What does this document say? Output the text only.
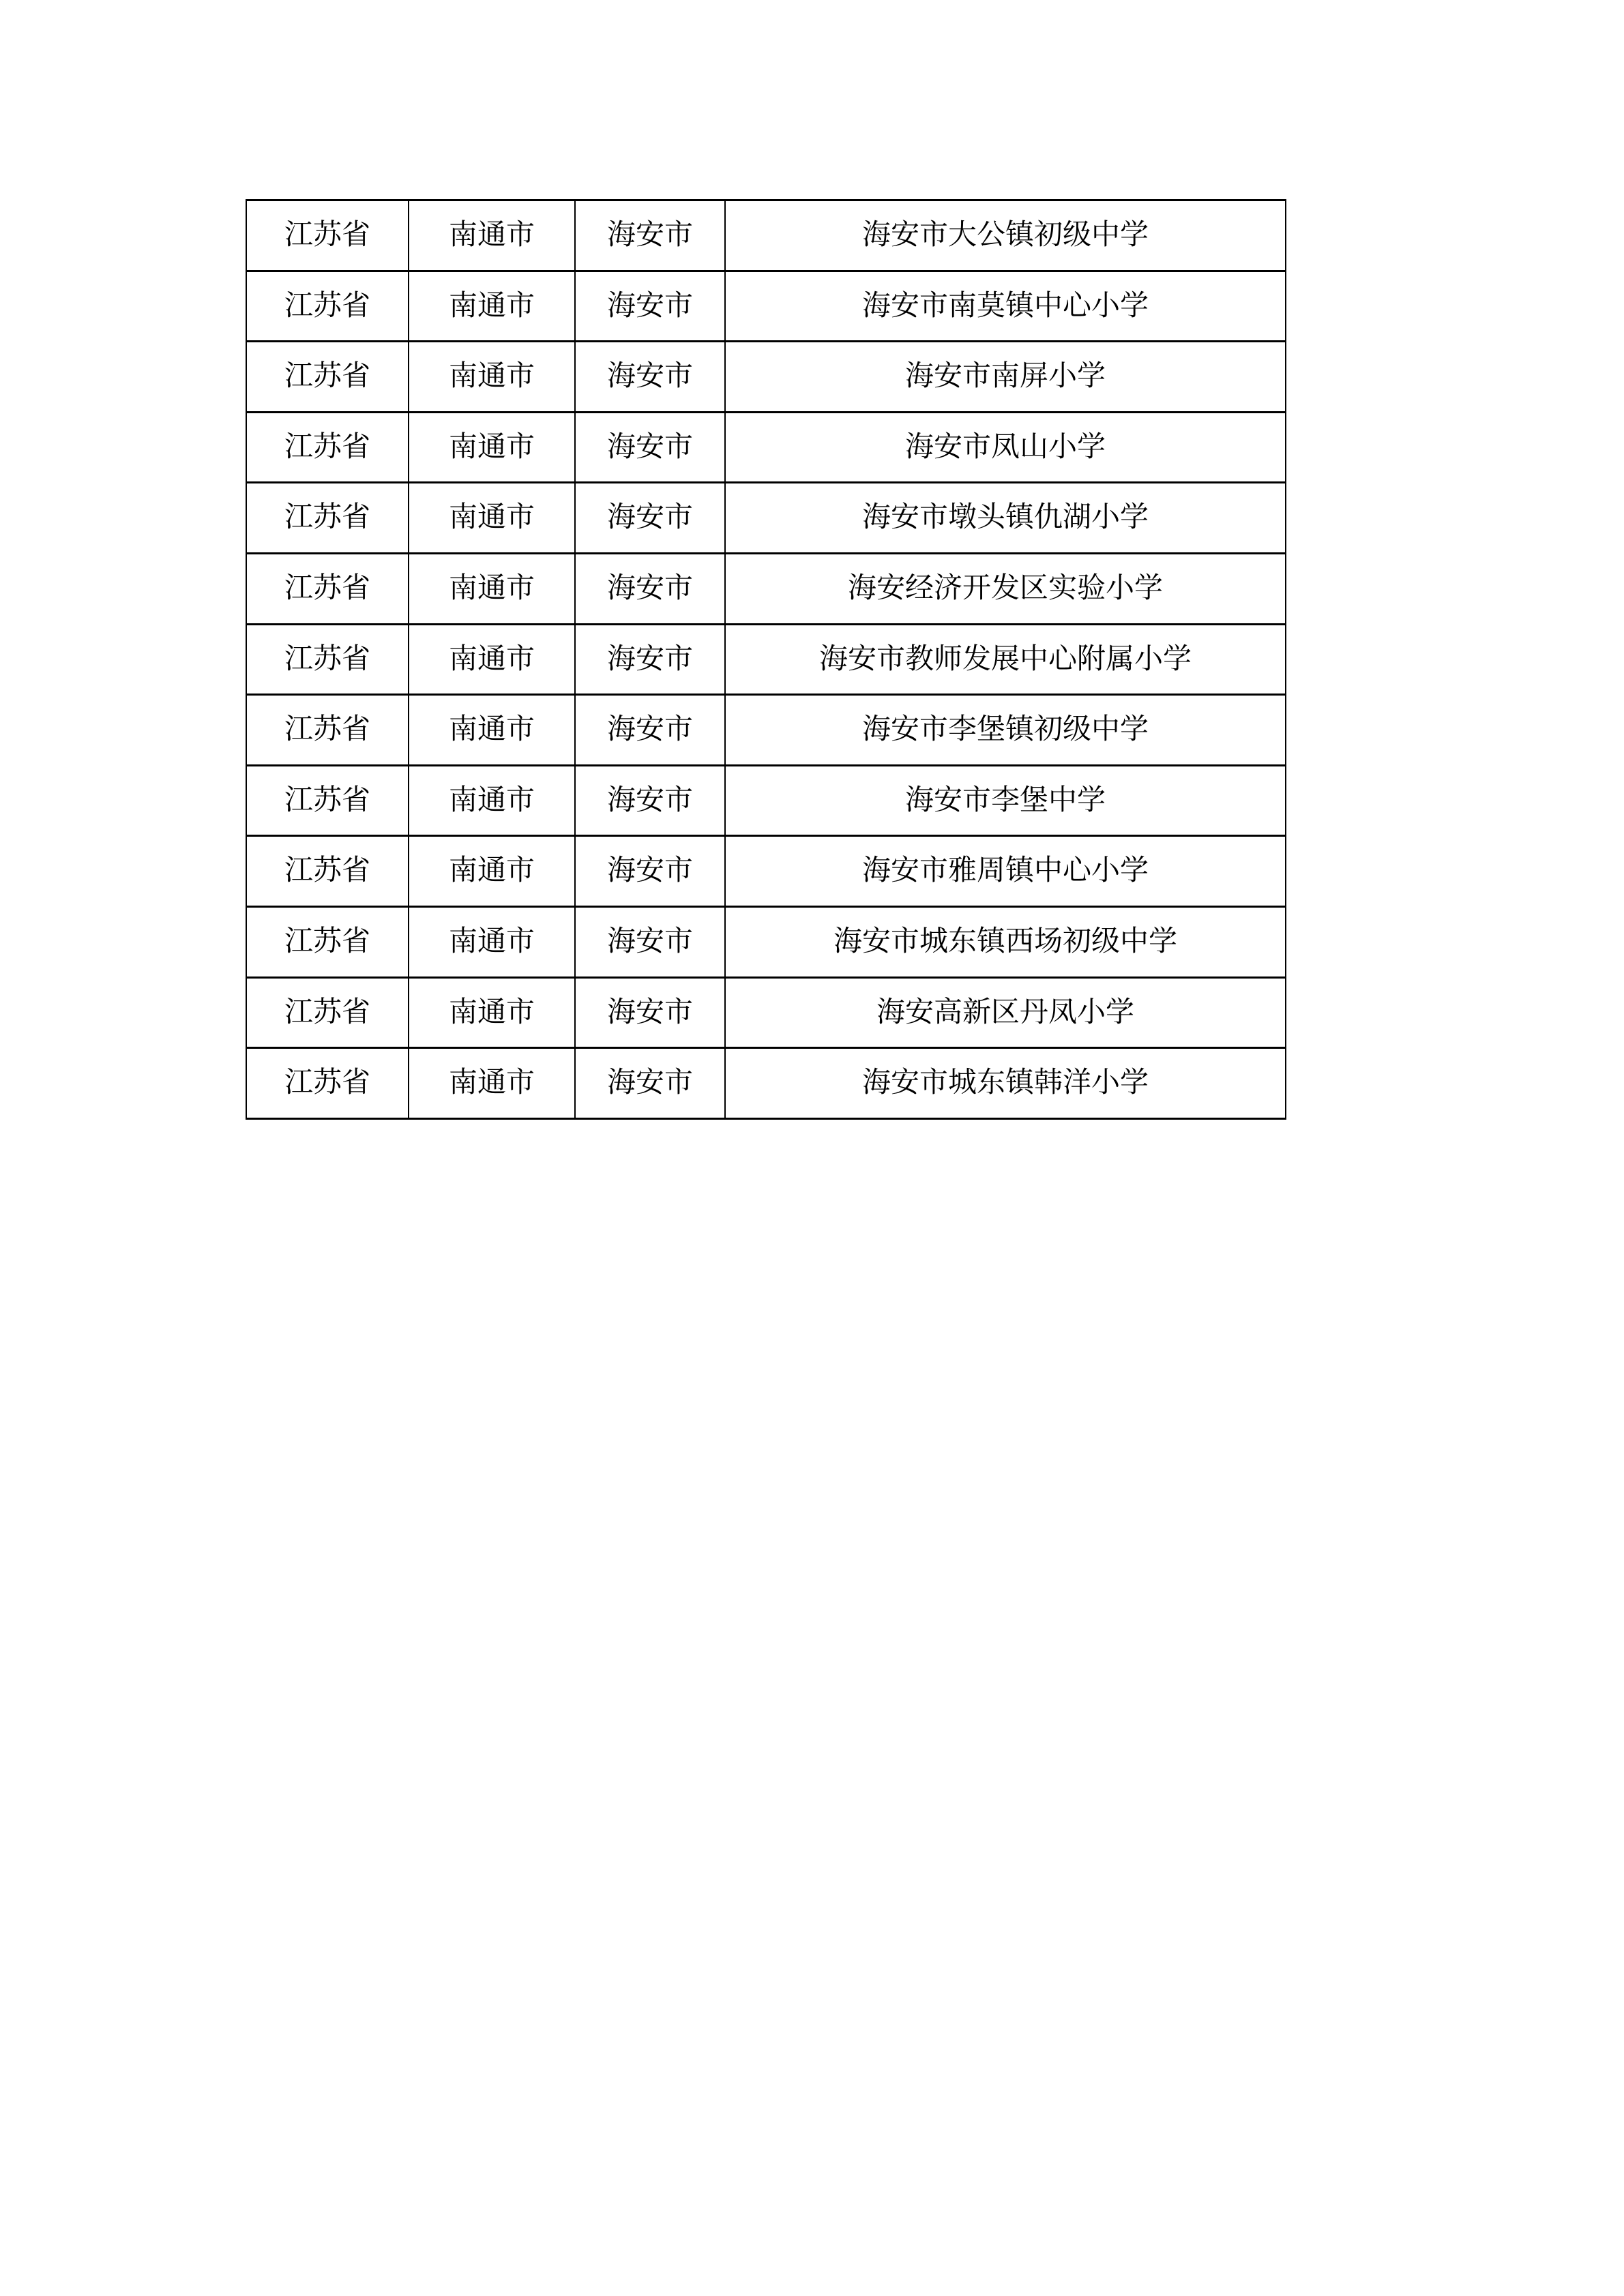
江苏省	南通市	海安市	海安市大公镇初级中学
江苏省	南通市	海安市	海安市南莫镇中心小学
江苏省	南通市	海安市	海安市南屏小学
江苏省	南通市	海安市	海安市凤山小学
江苏省	南通市	海安市	海安市墩头镇仇湖小学
江苏省	南通市	海安市	海安经济开发区实验小学
江苏省	南通市	海安市	海安市教师发展中心附属小学
江苏省	南通市	海安市	海安市李堡镇初级中学
江苏省	南通市	海安市	海安市李堡中学
江苏省	南通市	海安市	海安市雅周镇中心小学
江苏省	南通市	海安市	海安市城东镇西场初级中学
江苏省	南通市	海安市	海安高新区丹凤小学
江苏省	南通市	海安市	海安市城东镇韩洋小学
